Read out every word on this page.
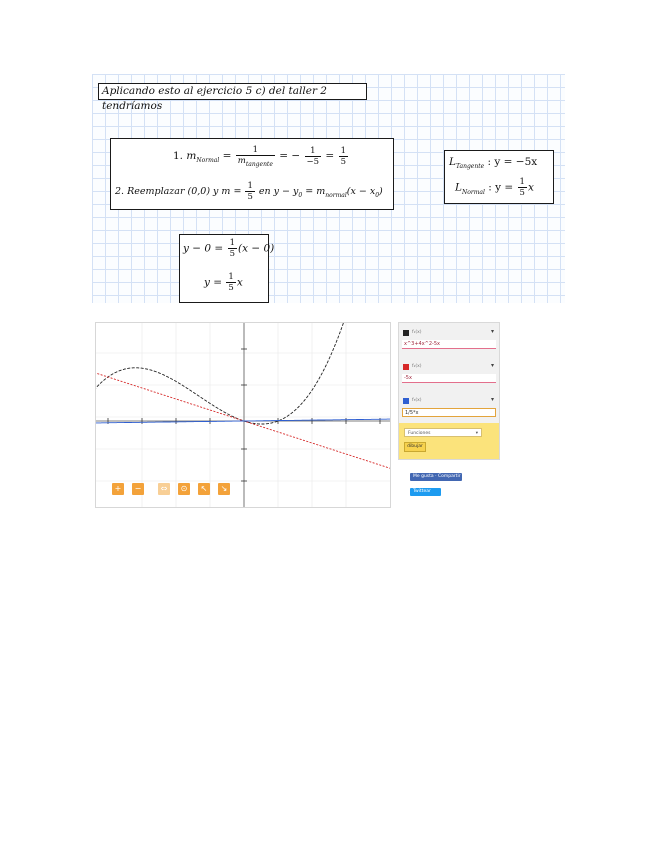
Aplicando esto al ejercicio 5 c) del taller 2 tendríamos
1. $m_{Normal} = \frac{1}{m_{tangente}}$ = − $\frac{1}{-5} = \frac{1}{5}$
2. Reemplazar (0,0) y $m = \frac{1}{5}$ en $y - y_0 = m_{normal}(x - x_0)$
$L_{Tangente}$ : y = −5x
$L_{Normal}$ : $y = \frac{1}{5}$ x
$y - 0 = \frac{1}{5} (x - 0)$
$y = \frac{1}{5}$ x
+	−	⇔	⊙	↖	↘
f₁(x)	▾
x^3+4x^2-5x
f₂(x)	▾
-5x
f₃(x)	▾
1/5*x
Funciones	▾
dibujar
Me gusta · Compartir
Twittear
